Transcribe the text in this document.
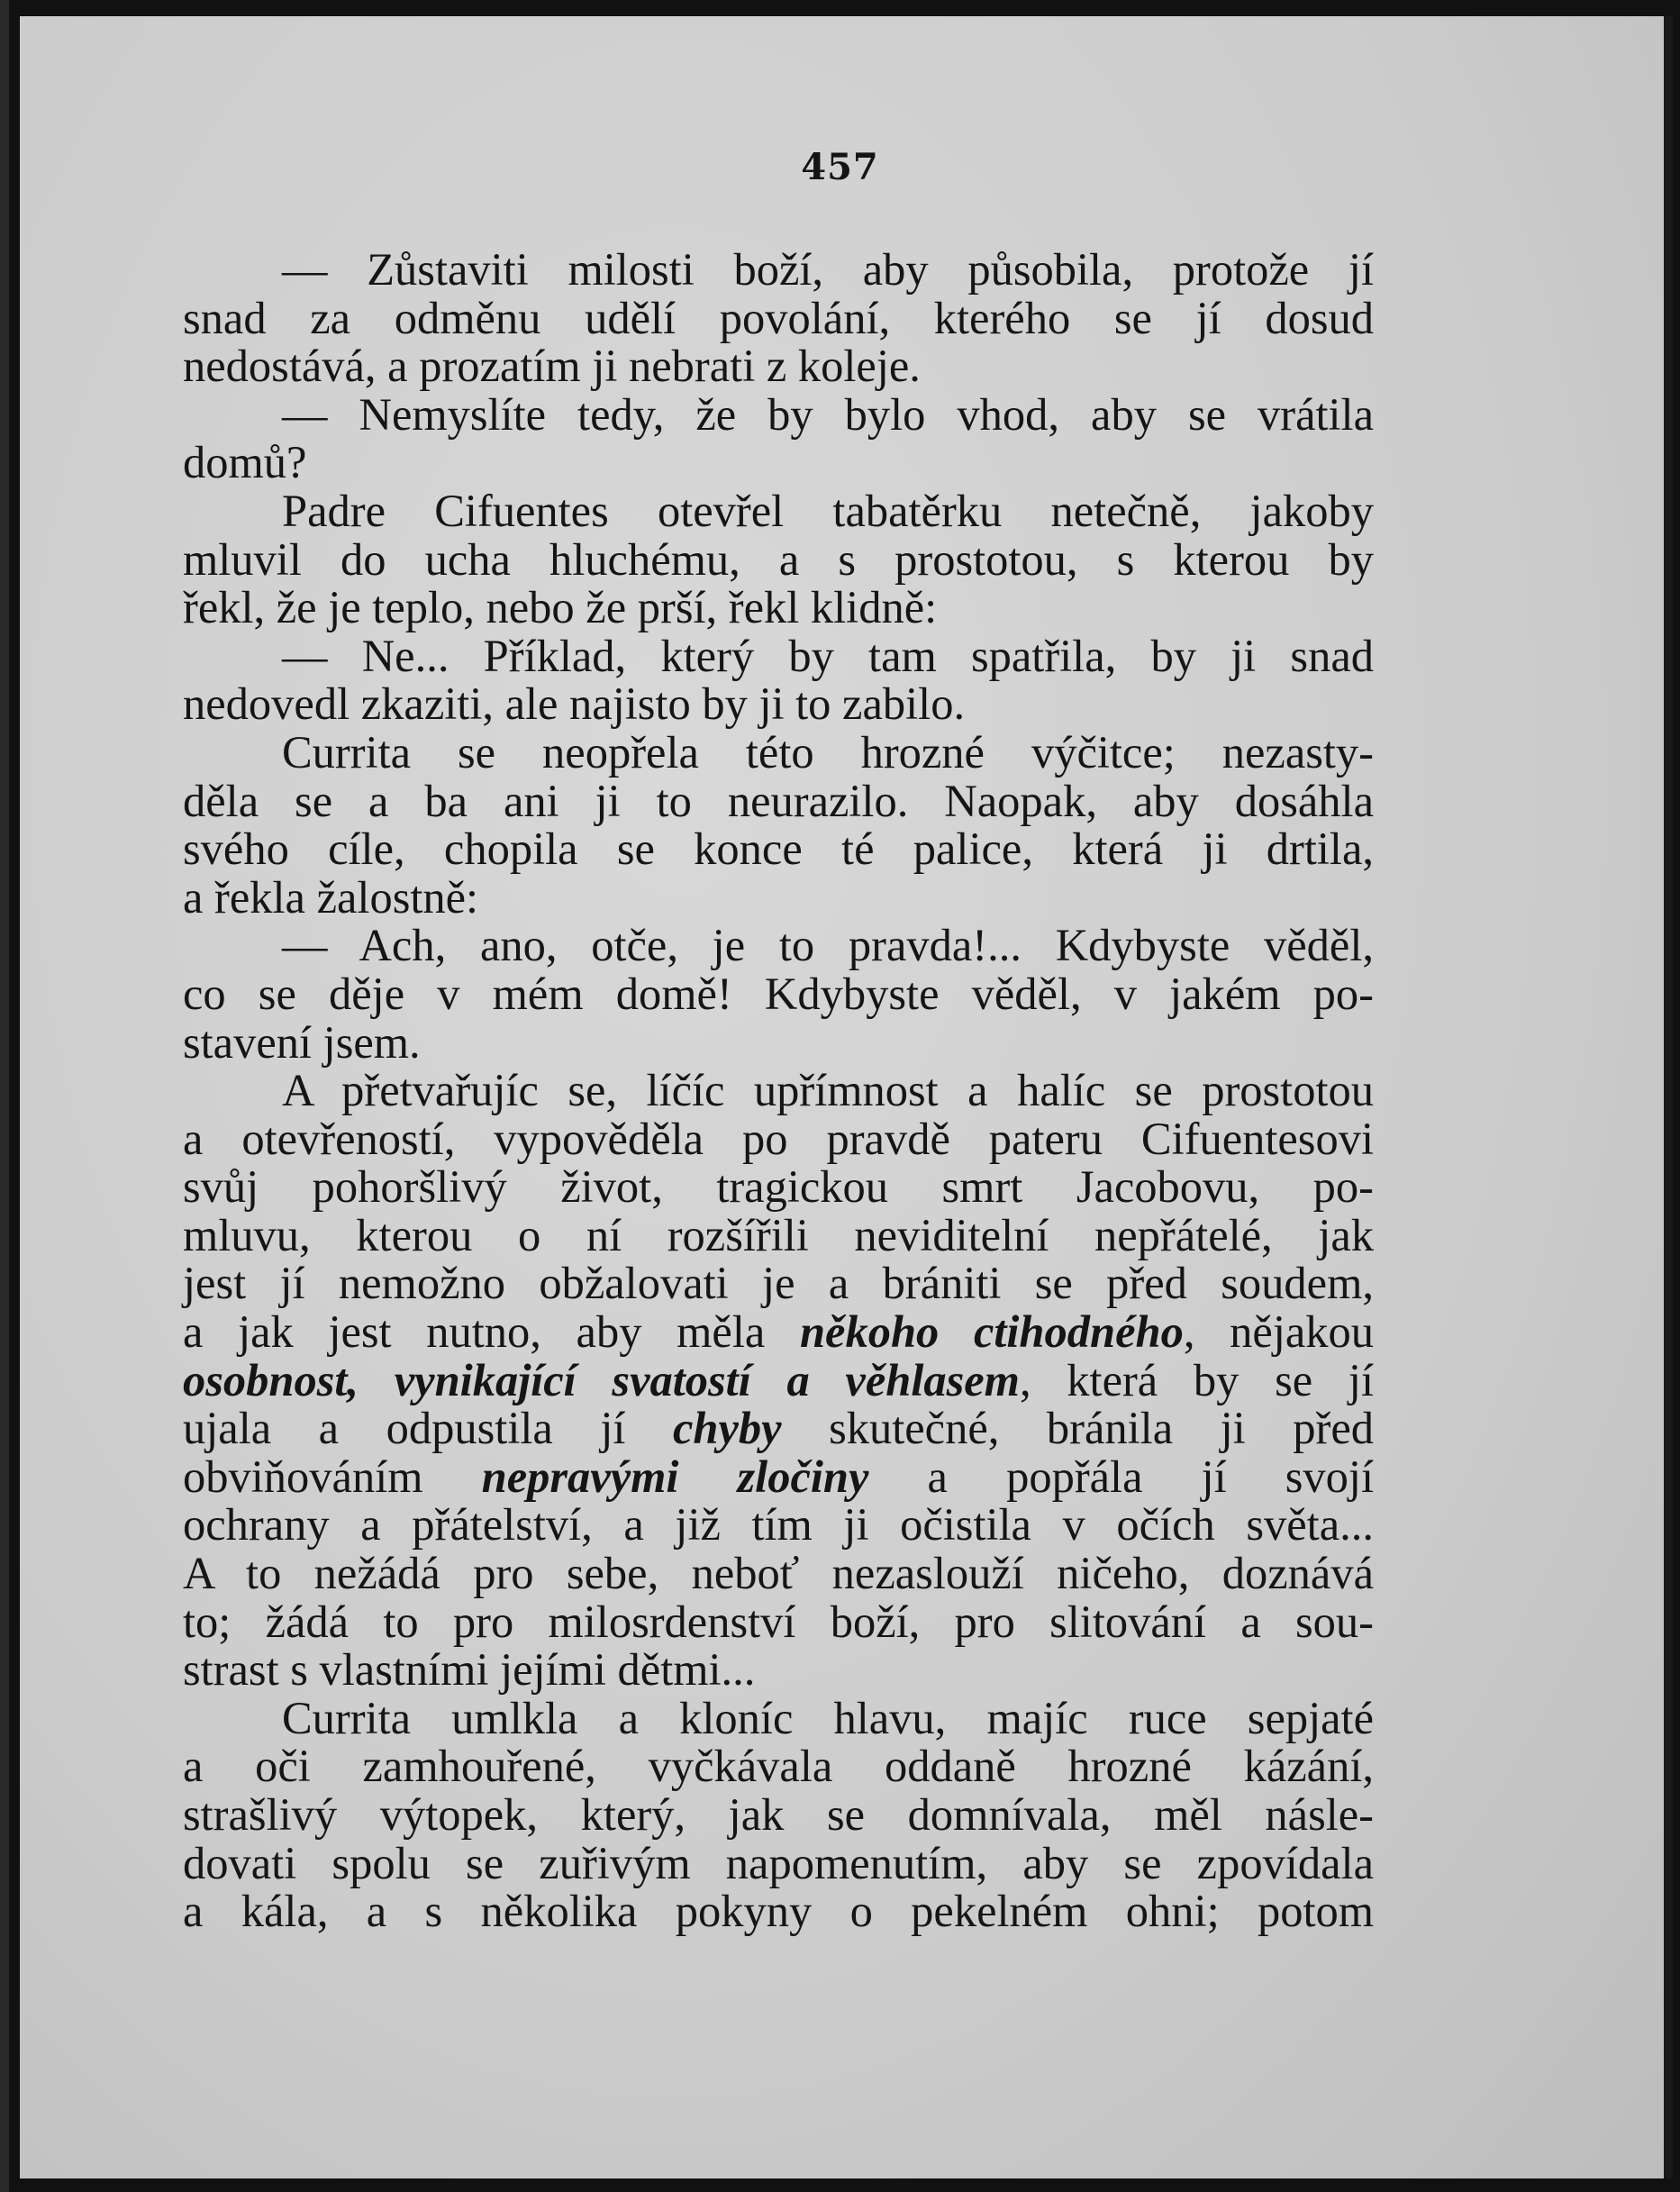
457
— Zůstaviti milosti boží, aby působila, protože jí
snad za odměnu udělí povolání, kterého se jí dosud
nedostává, a prozatím ji nebrati z koleje.
— Nemyslíte tedy, že by bylo vhod, aby se vrátila
domů?
Padre Cifuentes otevřel tabatěrku netečně, jakoby
mluvil do ucha hluchému, a s prostotou, s kterou by
řekl, že je teplo, nebo že prší, řekl klidně:
— Ne... Příklad, který by tam spatřila, by ji snad
nedovedl zkaziti, ale najisto by ji to zabilo.
Currita se neopřela této hrozné výčitce; nezasty-
děla se a ba ani ji to neurazilo. Naopak, aby dosáhla
svého cíle, chopila se konce té palice, která ji drtila,
a řekla žalostně:
— Ach, ano, otče, je to pravda!... Kdybyste věděl,
co se děje v mém domě! Kdybyste věděl, v jakém po-
stavení jsem.
A přetvařujíc se, líčíc upřímnost a halíc se prostotou
a otevřeností, vypověděla po pravdě pateru Cifuentesovi
svůj pohoršlivý život, tragickou smrt Jacobovu, po-
mluvu, kterou o ní rozšířili neviditelní nepřátelé, jak
jest jí nemožno obžalovati je a brániti se před soudem,
a jak jest nutno, aby měla někoho ctihodného, nějakou
osobnost, vynikající svatostí a věhlasem, která by se jí
ujala a odpustila jí chyby skutečné, bránila ji před
obviňováním nepravými zločiny a popřála jí svojí
ochrany a přátelství, a již tím ji očistila v očích světa...
A to nežádá pro sebe, neboť nezaslouží ničeho, doznává
to; žádá to pro milosrdenství boží, pro slitování a sou-
strast s vlastními jejími dětmi...
Currita umlkla a kloníc hlavu, majíc ruce sepjaté
a oči zamhouřené, vyčkávala oddaně hrozné kázání,
strašlivý výtopek, který, jak se domnívala, měl násle-
dovati spolu se zuřivým napomenutím, aby se zpovídala
a kála, a s několika pokyny o pekelném ohni; potom
